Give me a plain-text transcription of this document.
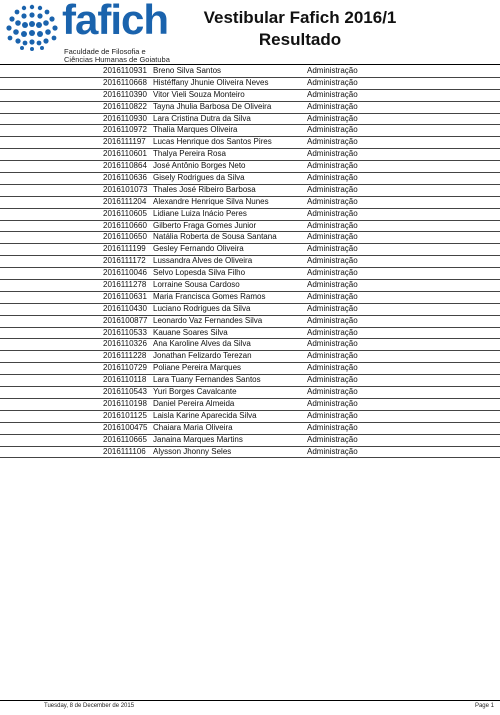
fafich
Faculdade de Filosofia e
Ciências Humanas de Goiatuba
Vestibular Fafich 2016/1
Resultado
2016110931 Breno Silva Santos	Administração
2016110668 Histéffany Jhunie Oliveira Neves	Administração
2016110390 Vitor Vieli Souza Monteiro	Administração
2016110822 Tayna Jhulia Barbosa De Oliveira	Administração
2016110930 Lara Cristina Dutra da Silva	Administração
2016110972 Thalia Marques Oliveira	Administração
2016111197 Lucas Henrique dos Santos Pires	Administração
2016110601 Thalya Pereira Rosa	Administração
2016110864 José Antônio Borges Neto	Administração
2016110636 Gisely Rodrigues da Silva	Administração
2016101073 Thales José Ribeiro Barbosa	Administração
2016111204 Alexandre Henrique Silva Nunes	Administração
2016110605 Lidiane Luiza Inácio Peres	Administração
2016110660 Gilberto Fraga Gomes Junior	Administração
2016110650 Natália Roberta de Sousa Santana	Administração
2016111199 Gesley Fernando Oliveira	Administração
2016111172 Lussandra Alves de Oliveira	Administração
2016110046 Selvo Lopesda Silva Filho	Administração
2016111278 Lorraine Sousa Cardoso	Administração
2016110631 Maria Francisca Gomes Ramos	Administração
2016110430 Luciano Rodrigues da Silva	Administração
2016100877 Leonardo Vaz Fernandes Silva	Administração
2016110533 Kauane Soares Silva	Administração
2016110326 Ana Karoline Alves da Silva	Administração
2016111228 Jonathan Felizardo Terezan	Administração
2016110729 Poliane Pereira Marques	Administração
2016110118 Lara Tuany Fernandes Santos	Administração
2016110543 Yuri Borges Cavalcante	Administração
2016110198 Daniel Pereira Almeida	Administração
2016101125 Laisla Karine Aparecida Silva	Administração
2016100475 Chaiara Maria Oliveira	Administração
2016110665 Janaina Marques Martins	Administração
2016111106 Alysson Jhonny Seles	Administração
Tuesday, 8 de December de 2015	Page 1
